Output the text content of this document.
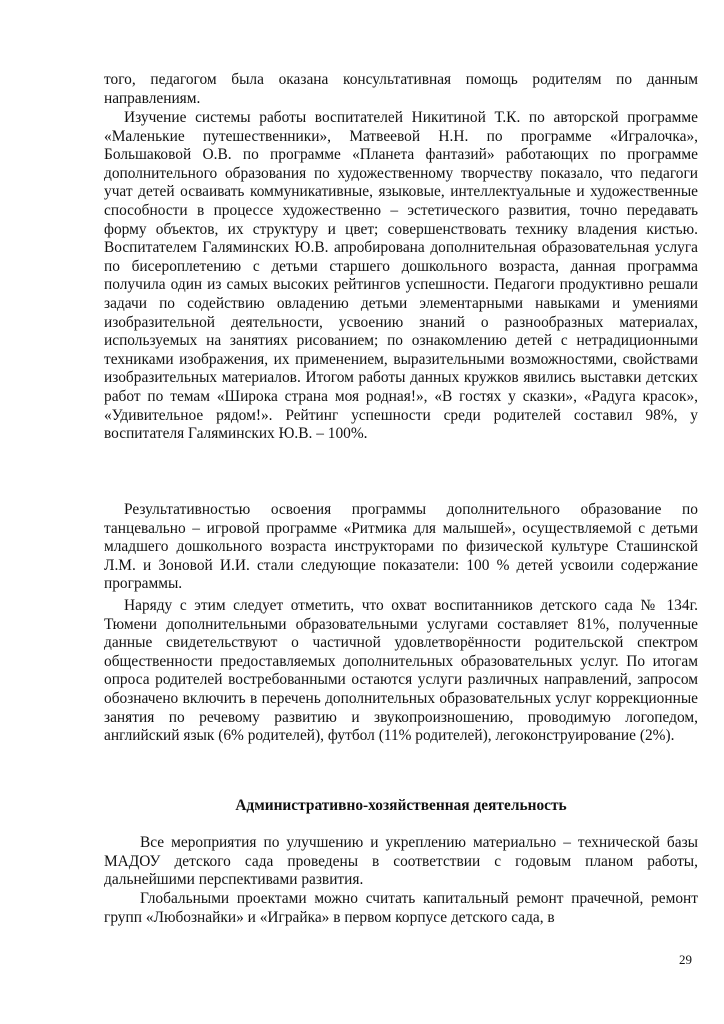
того, педагогом была оказана консультативная помощь родителям по данным направлениям.

Изучение системы работы воспитателей Никитиной Т.К. по авторской программе «Маленькие путешественники», Матвеевой Н.Н. по программе «Игралочка», Большаковой О.В. по программе «Планета фантазий» работающих по программе дополнительного образования по художественному творчеству показало, что педагоги учат детей осваивать коммуникативные, языковые, интеллектуальные и художественные способности в процессе художественно – эстетического развития, точно передавать форму объектов, их структуру и цвет; совершенствовать технику владения кистью. Воспитателем Галяминских Ю.В. апробирована дополнительная образовательная услуга по бисероплетению с детьми старшего дошкольного возраста, данная программа получила один из самых высоких рейтингов успешности. Педагоги продуктивно решали задачи по содействию овладению детьми элементарными навыками и умениями изобразительной деятельности, усвоению знаний о разнообразных материалах, используемых на занятиях рисованием; по ознакомлению детей с нетрадиционными техниками изображения, их применением, выразительными возможностями, свойствами изобразительных материалов. Итогом работы данных кружков явились выставки детских работ по темам «Широка страна моя родная!», «В гостях у сказки», «Радуга красок», «Удивительное рядом!». Рейтинг успешности среди родителей составил 98%, у воспитателя Галяминских Ю.В. – 100%.

Результативностью освоения программы дополнительного образование по танцевально – игровой программе «Ритмика для малышей», осуществляемой с детьми младшего дошкольного возраста инструкторами по физической культуре Сташинской Л.М. и Зоновой И.И. стали следующие показатели: 100 % детей усвоили содержание программы.

Наряду с этим следует отметить, что охват воспитанников детского сада № 134г. Тюмени дополнительными образовательными услугами составляет 81%, полученные данные свидетельствуют о частичной удовлетворённости родительской спектром общественности предоставляемых дополнительных образовательных услуг. По итогам опроса родителей востребованными остаются услуги различных направлений, запросом обозначено включить в перечень дополнительных образовательных услуг коррекционные занятия по речевому развитию и звукопроизношению, проводимую логопедом, английский язык (6% родителей), футбол (11% родителей), легоконструирование (2%).

Административно-хозяйственная деятельность

Все мероприятия по улучшению и укреплению материально – технической базы МАДОУ детского сада проведены в соответствии с годовым планом работы, дальнейшими перспективами развития.

Глобальными проектами можно считать капитальный ремонт прачечной, ремонт групп «Любознайки» и «Играйка» в первом корпусе детского сада, в

29
